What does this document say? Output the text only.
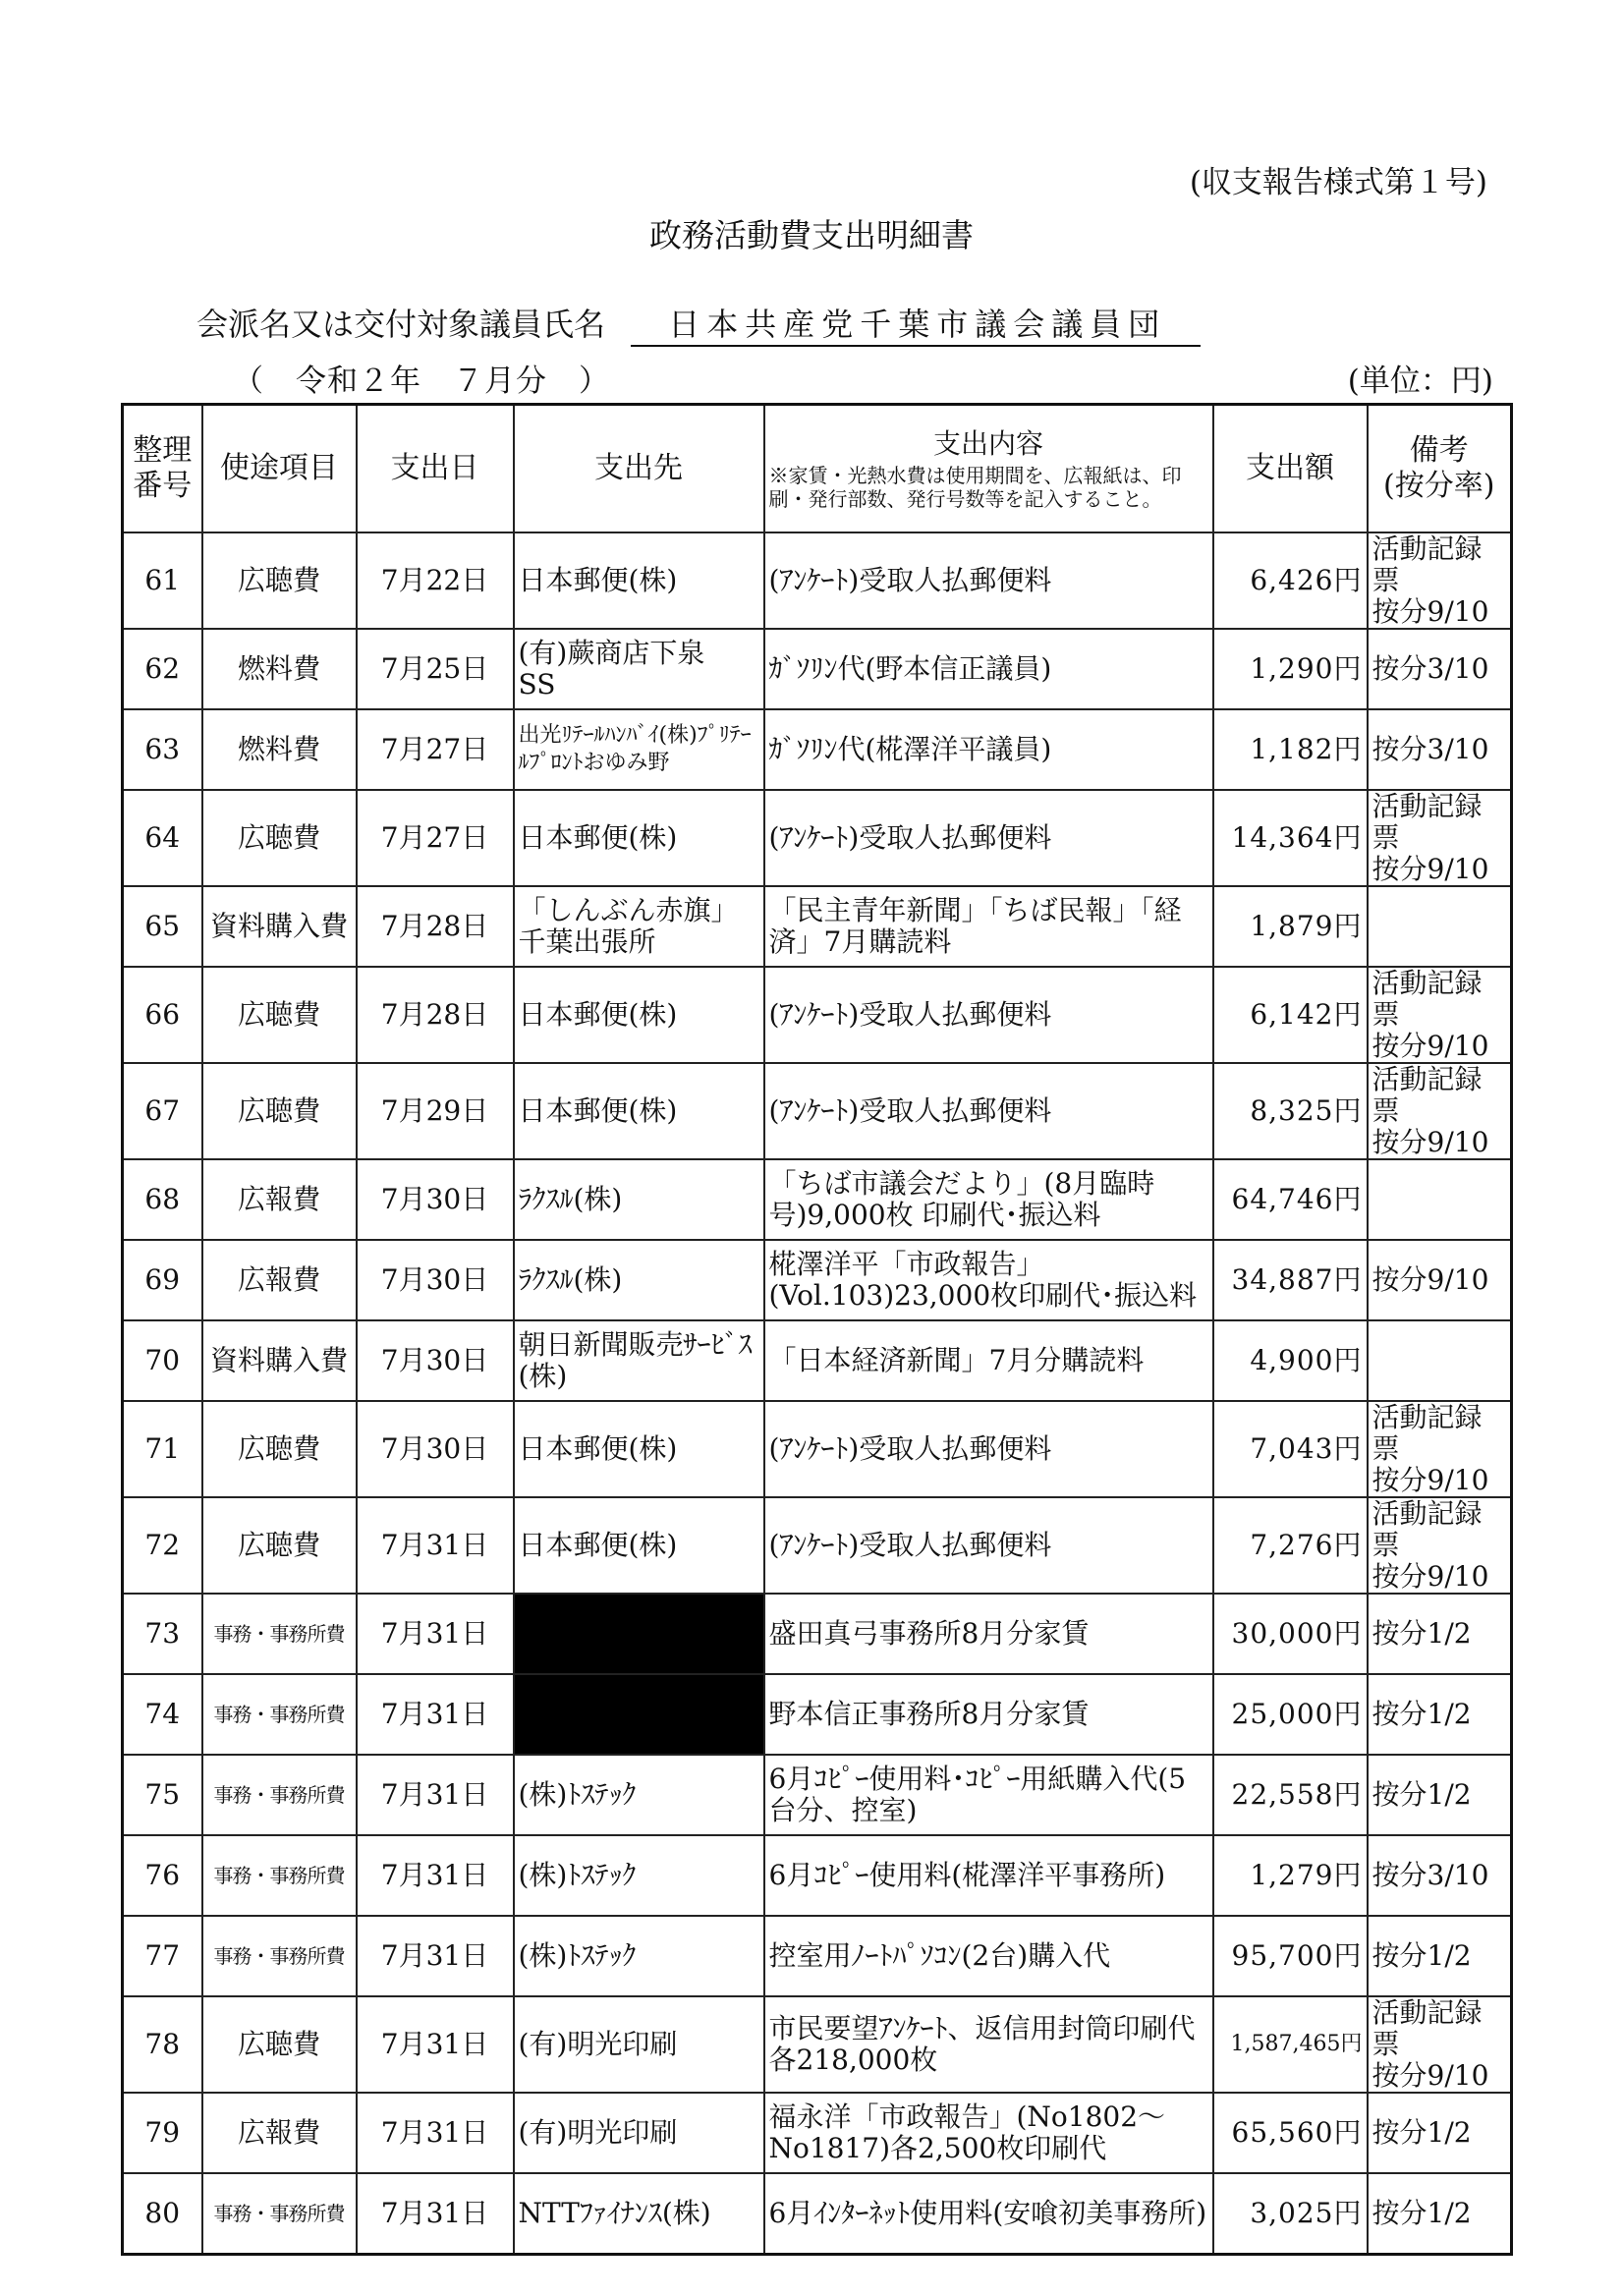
(収支報告様式第１号)
政務活動費支出明細書
会派名又は交付対象議員氏名 日本共産党千葉市議会議員団
（　令和２年　７月分　）	(単位：円)
整理
番号	使途項目	支出日	支出先	支出内容
※家賃・光熱水費は使用期間を、広報紙は、印刷・発行部数、発行号数等を記入すること。	支出額	備考
(按分率)
61	広聴費	7月22日	日本郵便(株)	(ｱﾝｹｰﾄ)受取人払郵便料	6,426円	活動記録票
按分9/10
62	燃料費	7月25日	(有)蕨商店下泉
SS	ｶﾞｿﾘﾝ代(野本信正議員)	1,290円	按分3/10
63	燃料費	7月27日	出光ﾘﾃｰﾙﾊﾝﾊﾞｲ(株)ﾌﾟﾘﾃｰﾙﾌﾟﾛﾝﾄおゆみ野	ｶﾞｿﾘﾝ代(椛澤洋平議員)	1,182円	按分3/10
64	広聴費	7月27日	日本郵便(株)	(ｱﾝｹｰﾄ)受取人払郵便料	14,364円	活動記録票
按分9/10
65	資料購入費	7月28日	「しんぶん赤旗」
千葉出張所	「民主青年新聞」「ちば民報」「経済」7月購読料	1,879円	
66	広聴費	7月28日	日本郵便(株)	(ｱﾝｹｰﾄ)受取人払郵便料	6,142円	活動記録票
按分9/10
67	広聴費	7月29日	日本郵便(株)	(ｱﾝｹｰﾄ)受取人払郵便料	8,325円	活動記録票
按分9/10
68	広報費	7月30日	ﾗｸｽﾙ(株)	「ちば市議会だより」(8月臨時号)9,000枚 印刷代･振込料	64,746円	
69	広報費	7月30日	ﾗｸｽﾙ(株)	椛澤洋平「市政報告」(Vol.103)23,000枚印刷代･振込料	34,887円	按分9/10
70	資料購入費	7月30日	朝日新聞販売ｻｰﾋﾞｽ(株)	「日本経済新聞」7月分購読料	4,900円	
71	広聴費	7月30日	日本郵便(株)	(ｱﾝｹｰﾄ)受取人払郵便料	7,043円	活動記録票
按分9/10
72	広聴費	7月31日	日本郵便(株)	(ｱﾝｹｰﾄ)受取人払郵便料	7,276円	活動記録票
按分9/10
73	事務・事務所費	7月31日		盛田真弓事務所8月分家賃	30,000円	按分1/2
74	事務・事務所費	7月31日		野本信正事務所8月分家賃	25,000円	按分1/2
75	事務・事務所費	7月31日	(株)ﾄｽﾃｯｸ	6月ｺﾋﾟｰ使用料･ｺﾋﾟｰ用紙購入代(5台分、控室)	22,558円	按分1/2
76	事務・事務所費	7月31日	(株)ﾄｽﾃｯｸ	6月ｺﾋﾟｰ使用料(椛澤洋平事務所)	1,279円	按分3/10
77	事務・事務所費	7月31日	(株)ﾄｽﾃｯｸ	控室用ﾉｰﾄﾊﾟｿｺﾝ(2台)購入代	95,700円	按分1/2
78	広聴費	7月31日	(有)明光印刷	市民要望ｱﾝｹｰﾄ、返信用封筒印刷代各218,000枚	1,587,465円	活動記録票
按分9/10
79	広報費	7月31日	(有)明光印刷	福永洋「市政報告」(No1802～No1817)各2,500枚印刷代	65,560円	按分1/2
80	事務・事務所費	7月31日	NTTﾌｧｲﾅﾝｽ(株)	6月ｲﾝﾀｰﾈｯﾄ使用料(安喰初美事務所)	3,025円	按分1/2
